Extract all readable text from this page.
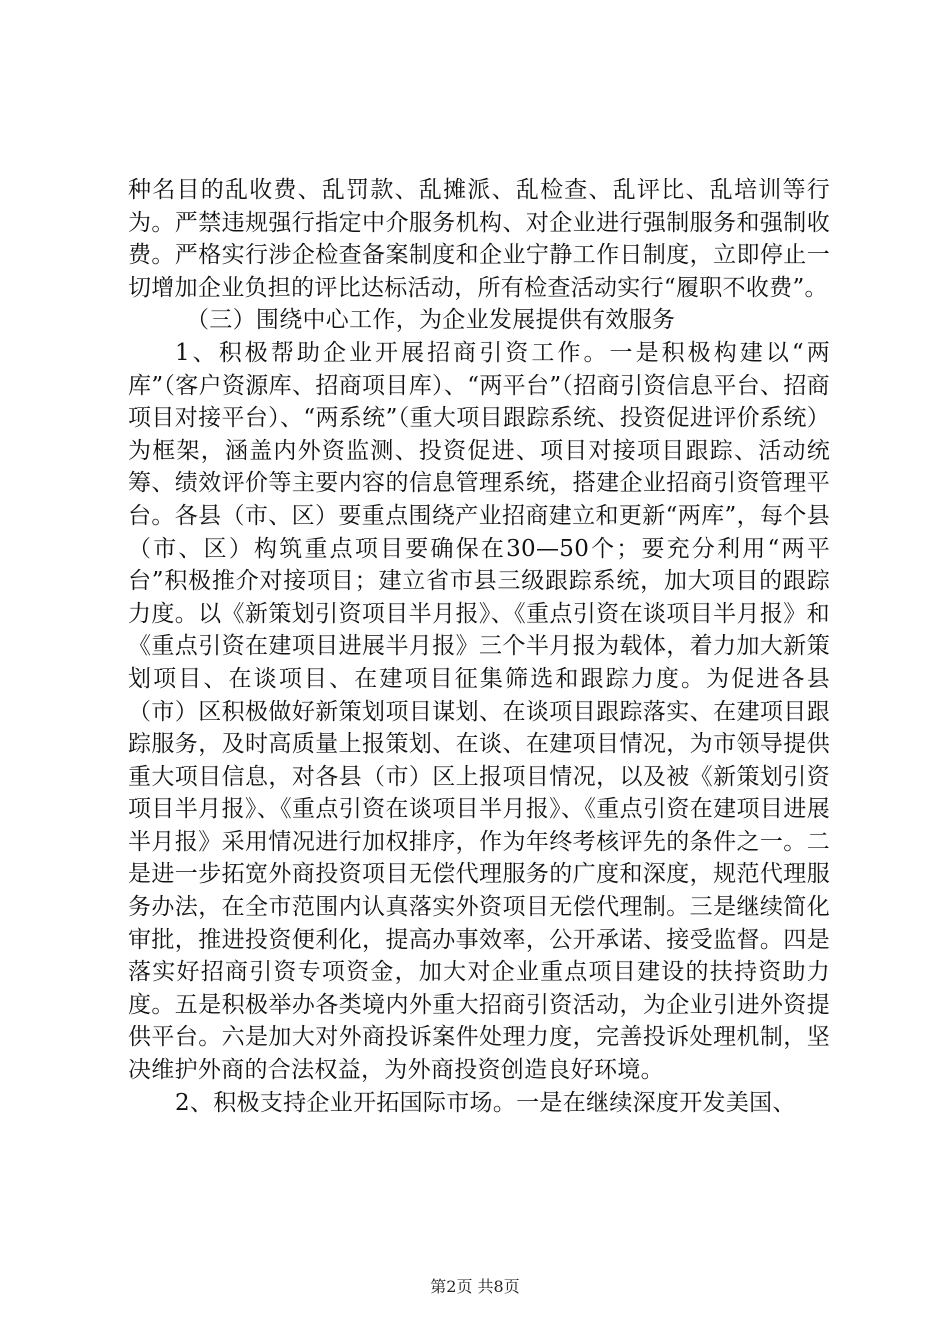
种名目的乱收费、乱罚款、乱摊派、乱检查、乱评比、乱培训等行为。严禁违规强行指定中介服务机构、对企业进行强制服务和强制收费。严格实行涉企检查备案制度和企业宁静工作日制度，立即停止一切增加企业负担的评比达标活动，所有检查活动实行“履职不收费”。

（三）围绕中心工作，为企业发展提供有效服务

1、积极帮助企业开展招商引资工作。一是积极构建以“两库”（客户资源库、招商项目库）、“两平台”（招商引资信息平台、招商项目对接平台）、“两系统”（重大项目跟踪系统、投资促进评价系统）为框架，涵盖内外资监测、投资促进、项目对接项目跟踪、活动统筹、绩效评价等主要内容的信息管理系统，搭建企业招商引资管理平台。各县（市、区）要重点围绕产业招商建立和更新“两库”，每个县（市、区）构筑重点项目要确保在30—50个；要充分利用“两平台”积极推介对接项目；建立省市县三级跟踪系统，加大项目的跟踪力度。以《新策划引资项目半月报》、《重点引资在谈项目半月报》和《重点引资在建项目进展半月报》三个半月报为载体，着力加大新策划项目、在谈项目、在建项目征集筛选和跟踪力度。为促进各县（市）区积极做好新策划项目谋划、在谈项目跟踪落实、在建项目跟踪服务，及时高质量上报策划、在谈、在建项目情况，为市领导提供重大项目信息，对各县（市）区上报项目情况，以及被《新策划引资项目半月报》、《重点引资在谈项目半月报》、《重点引资在建项目进展半月报》采用情况进行加权排序，作为年终考核评先的条件之一。二是进一步拓宽外商投资项目无偿代理服务的广度和深度，规范代理服务办法，在全市范围内认真落实外资项目无偿代理制。三是继续简化审批，推进投资便利化，提高办事效率，公开承诺、接受监督。四是落实好招商引资专项资金，加大对企业重点项目建设的扶持资助力度。五是积极举办各类境内外重大招商引资活动，为企业引进外资提供平台。六是加大对外商投诉案件处理力度，完善投诉处理机制，坚决维护外商的合法权益，为外商投资创造良好环境。

2、积极支持企业开拓国际市场。一是在继续深度开发美国、

第2页 共8页
